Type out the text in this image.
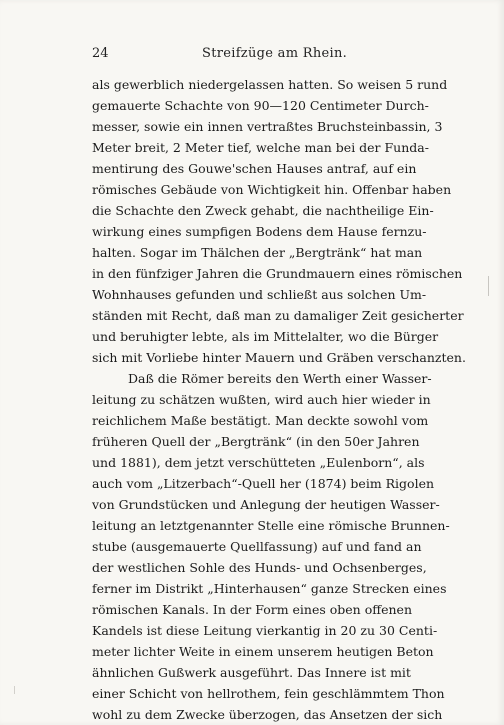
24	Streifzüge am Rhein.
als gewerblich niedergelassen hatten. So weisen 5 rund
gemauerte Schachte von 90—120 Centimeter Durch-
messer, sowie ein innen vertraßtes Bruchsteinbassin, 3
Meter breit, 2 Meter tief, welche man bei der Funda-
mentirung des Gouwe'schen Hauses antraf, auf ein
römisches Gebäude von Wichtigkeit hin. Offenbar haben
die Schachte den Zweck gehabt, die nachtheilige Ein-
wirkung eines sumpfigen Bodens dem Hause fernzu-
halten. Sogar im Thälchen der „Bergtränk“ hat man
in den fünfziger Jahren die Grundmauern eines römischen
Wohnhauses gefunden und schließt aus solchen Um-
ständen mit Recht, daß man zu damaliger Zeit gesicherter
und beruhigter lebte, als im Mittelalter, wo die Bürger
sich mit Vorliebe hinter Mauern und Gräben verschanzten.
Daß die Römer bereits den Werth einer Wasser-
leitung zu schätzen wußten, wird auch hier wieder in
reichlichem Maße bestätigt. Man deckte sowohl vom
früheren Quell der „Bergtränk“ (in den 50er Jahren
und 1881), dem jetzt verschütteten „Eulenborn“, als
auch vom „Litzerbach“-Quell her (1874) beim Rigolen
von Grundstücken und Anlegung der heutigen Wasser-
leitung an letztgenannter Stelle eine römische Brunnen-
stube (ausgemauerte Quellfassung) auf und fand an
der westlichen Sohle des Hunds- und Ochsenberges,
ferner im Distrikt „Hinterhausen“ ganze Strecken eines
römischen Kanals. In der Form eines oben offenen
Kandels ist diese Leitung vierkantig in 20 zu 30 Centi-
meter lichter Weite in einem unserem heutigen Beton
ähnlichen Gußwerk ausgeführt. Das Innere ist mit
einer Schicht von hellrothem, fein geschlämmtem Thon
wohl zu dem Zwecke überzogen, das Ansetzen der sich
